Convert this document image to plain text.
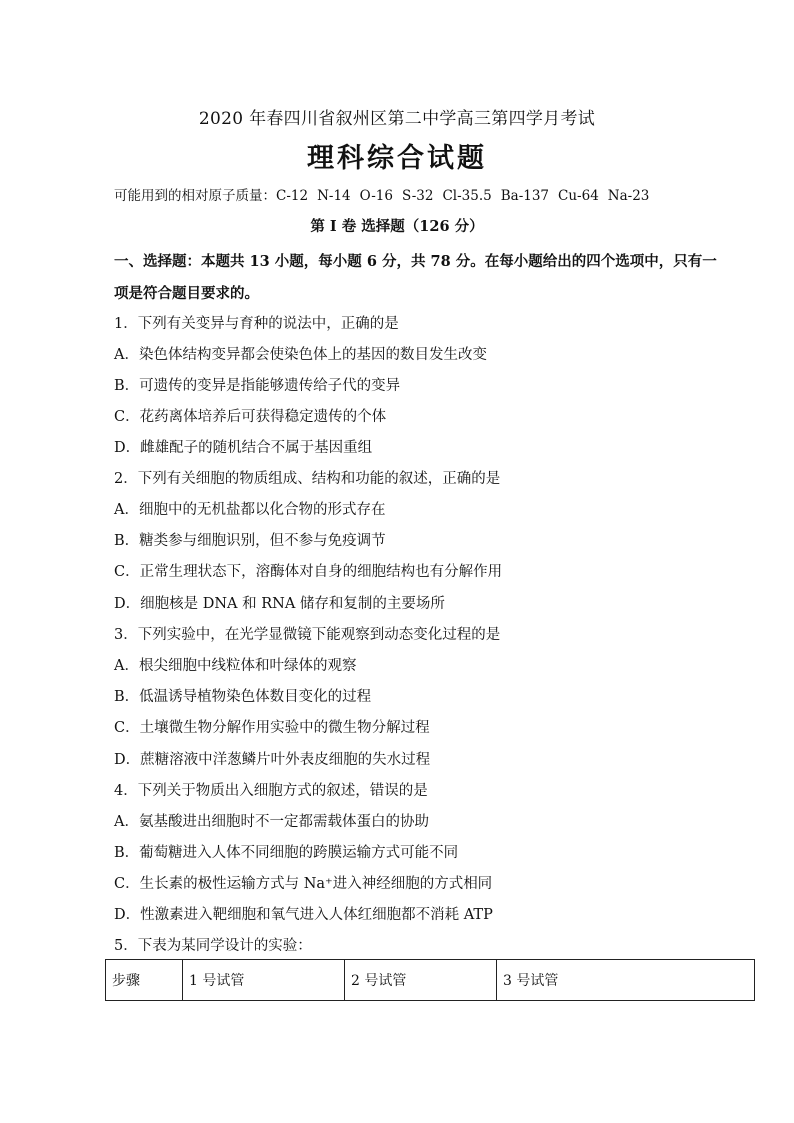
2020 年春四川省叙州区第二中学高三第四学月考试
理科综合试题
可能用到的相对原子质量：C-12 N-14 O-16 S-32 Cl-35.5 Ba-137 Cu-64 Na-23
第 I 卷 选择题（126 分）
一、选择题：本题共 13 小题，每小题 6 分，共 78 分。在每小题给出的四个选项中，只有一
项是符合题目要求的。
1．下列有关变异与育种的说法中，正确的是
A．染色体结构变异都会使染色体上的基因的数目发生改变
B．可遗传的变异是指能够遗传给子代的变异
C．花药离体培养后可获得稳定遗传的个体
D．雌雄配子的随机结合不属于基因重组
2．下列有关细胞的物质组成、结构和功能的叙述，正确的是
A．细胞中的无机盐都以化合物的形式存在
B．糖类参与细胞识别，但不参与免疫调节
C．正常生理状态下，溶酶体对自身的细胞结构也有分解作用
D．细胞核是 DNA 和 RNA 储存和复制的主要场所
3．下列实验中，在光学显微镜下能观察到动态变化过程的是
A．根尖细胞中线粒体和叶绿体的观察
B．低温诱导植物染色体数目变化的过程
C．土壤微生物分解作用实验中的微生物分解过程
D．蔗糖溶液中洋葱鳞片叶外表皮细胞的失水过程
4．下列关于物质出入细胞方式的叙述，错误的是
A．氨基酸进出细胞时不一定都需载体蛋白的协助
B．葡萄糖进入人体不同细胞的跨膜运输方式可能不同
C．生长素的极性运输方式与 Na⁺进入神经细胞的方式相同
D．性激素进入靶细胞和氧气进入人体红细胞都不消耗 ATP
5．下表为某同学设计的实验：
步骤	1 号试管	2 号试管	3 号试管
